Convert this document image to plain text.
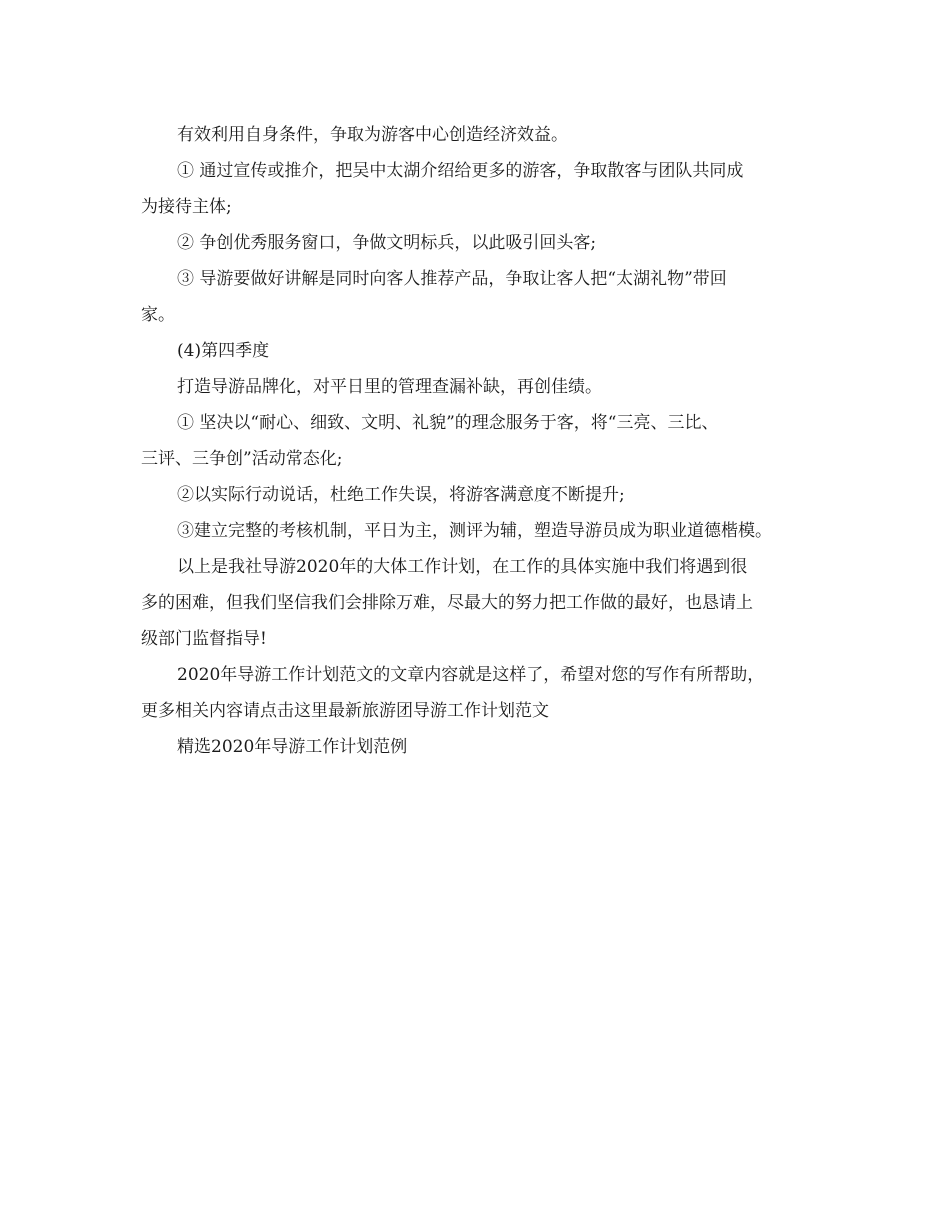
有效利用自身条件，争取为游客中心创造经济效益。

① 通过宣传或推介，把吴中太湖介绍给更多的游客，争取散客与团队共同成

为接待主体;

② 争创优秀服务窗口，争做文明标兵，以此吸引回头客;

③ 导游要做好讲解是同时向客人推荐产品，争取让客人把“太湖礼物”带回

家。

(4)第四季度

打造导游品牌化，对平日里的管理查漏补缺，再创佳绩。

① 坚决以“耐心、细致、文明、礼貌”的理念服务于客，将“三亮、三比、

三评、三争创”活动常态化;

②以实际行动说话，杜绝工作失误，将游客满意度不断提升;

③建立完整的考核机制，平日为主，测评为辅，塑造导游员成为职业道德楷模。

以上是我社导游2020年的大体工作计划，在工作的具体实施中我们将遇到很

多的困难，但我们坚信我们会排除万难，尽最大的努力把工作做的最好，也恳请上

级部门监督指导!

2020年导游工作计划范文的文章内容就是这样了，希望对您的写作有所帮助，

更多相关内容请点击这里最新旅游团导游工作计划范文

精选2020年导游工作计划范例
